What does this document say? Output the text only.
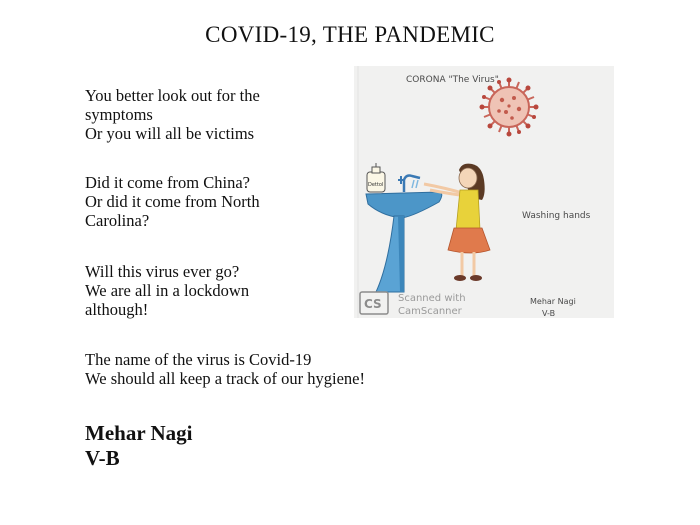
COVID-19, THE PANDEMIC
You better look out for the
symptoms
Or you will all be victims
Did it come from China?
Or did it come from North
Carolina?
Will this virus ever go?
We are all in a lockdown
although!
The name of the virus is Covid-19
We should all keep a track of our hygiene!
Mehar Nagi
V-B
Dettol
CORONA "The Virus"
Washing hands
Mehar Nagi
V-B
CS Scanned with
CamScanner
